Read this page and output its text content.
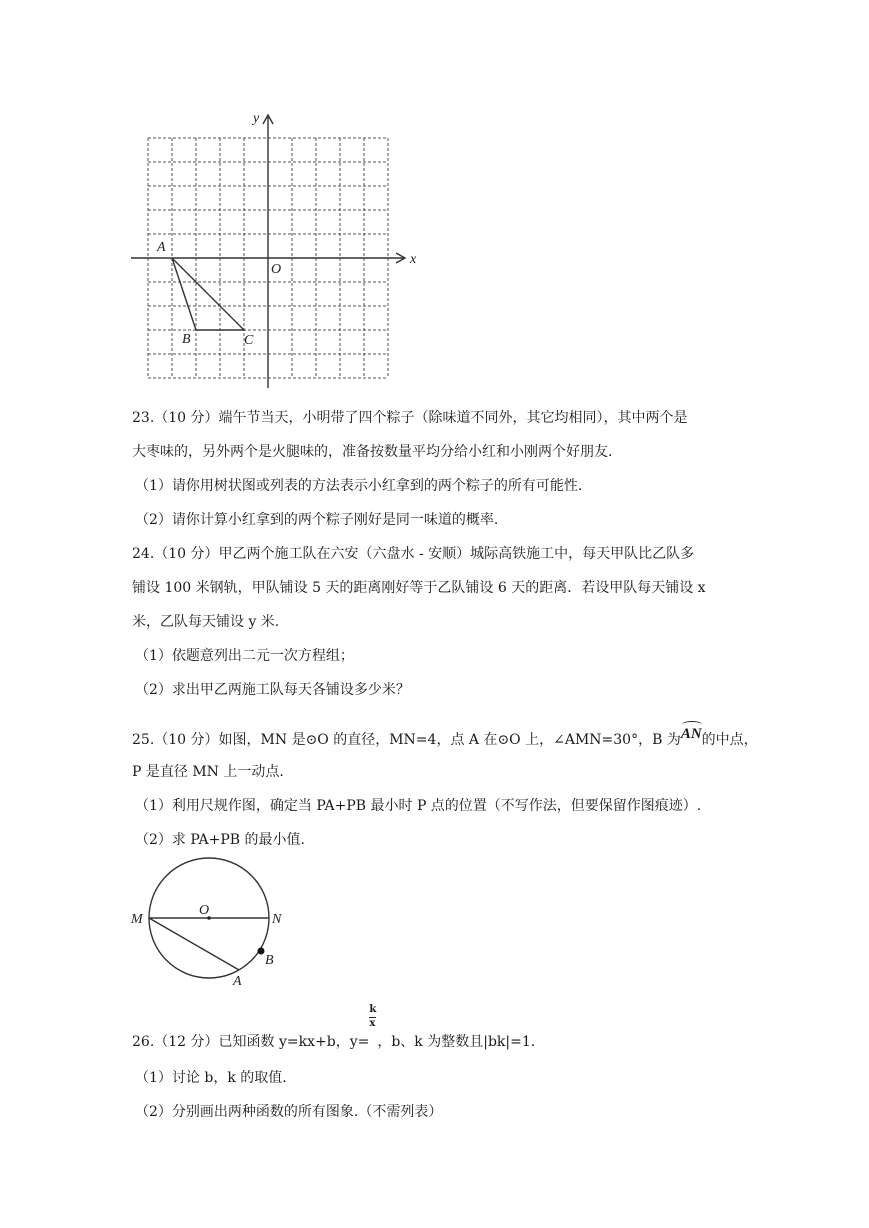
x
y
O
A
B	C
23.（10 分）端午节当天，小明带了四个粽子（除味道不同外，其它均相同），其中两个是
大枣味的，另外两个是火腿味的，准备按数量平均分给小红和小刚两个好朋友.
（1）请你用树状图或列表的方法表示小红拿到的两个粽子的所有可能性.
（2）请你计算小红拿到的两个粽子刚好是同一味道的概率.
24.（10 分）甲乙两个施工队在六安（六盘水 - 安顺）城际高铁施工中，每天甲队比乙队多
铺设 100 米钢轨，甲队铺设 5 天的距离刚好等于乙队铺设 6 天的距离．若设甲队每天铺设 x
米，乙队每天铺设 y 米.
（1）依题意列出二元一次方程组；
（2）求出甲乙两施工队每天各铺设多少米？
25.（10 分）如图，MN 是⊙O 的直径，MN=4，点 A 在⊙O 上，∠AMN=30°，B 为AN的中点，
P 是直径 MN 上一动点.
（1）利用尺规作图，确定当 PA+PB 最小时 P 点的位置（不写作法，但要保留作图痕迹）.
（2）求 PA+PB 的最小值.
M
O
N
B
A
26.（12 分）已知函数 y=kx+b，$y= \frac{k}{x}$ ，b、k 为整数且|bk|=1.
（1）讨论 b，k 的取值.
（2）分别画出两种函数的所有图象.（不需列表）
